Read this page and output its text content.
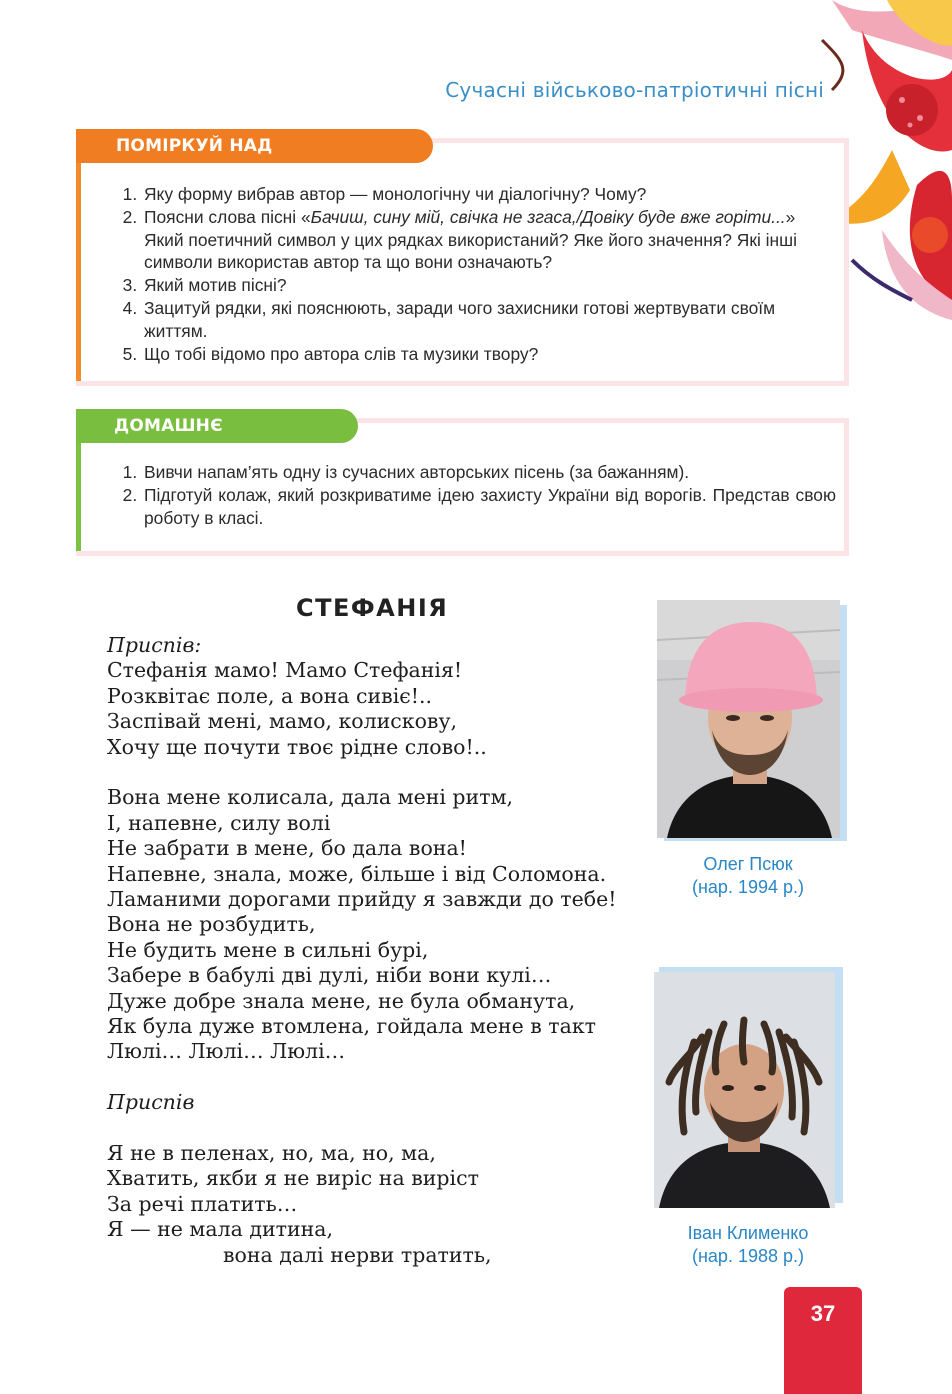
Сучасні військово-патріотичні пісні
ПОМІРКУЙ НАД ПРОЧИТАНИМ
1. Яку форму вибрав автор — монологічну чи діалогічну? Чому?
2. Поясни слова пісні «Бачиш, сину мій, свічка не згаса,/Довіку буде вже горіти...» Який поетичний символ у цих рядках використаний? Яке його значення? Які інші символи використав автор та що вони означають?
3. Який мотив пісні?
4. Зацитуй рядки, які пояснюють, заради чого захисники готові жертвувати своїм життям.
5. Що тобі відомо про автора слів та музики твору?
ДОМАШНЄ ЗАВДАННЯ
1. Вивчи напам’ять одну із сучасних авторських пісень (за бажанням).
2. Підготуй колаж, який розкриватиме ідею захисту України від ворогів. Представ свою роботу в класі.
СТЕФАНІЯ
Приспів:
Стефанія мамо! Мамо Стефанія!
Розквітає поле, а вона сивіє!..
Заспівай мені, мамо, колискову,
Хочу ще почути твоє рідне слово!..
Вона мене колисала, дала мені ритм,
І, напевне, силу волі
Не забрати в мене, бо дала вона!
Напевне, знала, може, більше і від Соломона.
Ламаними дорогами прийду я завжди до тебе!
Вона не розбудить,
Не будить мене в сильні бурі,
Забере в бабулі дві дулі, ніби вони кулі…
Дуже добре знала мене, не була обманута,
Як була дуже втомлена, гойдала мене в такт
Люлі… Люлі… Люлі…
Приспів
Я не в пеленах, но, ма, но, ма,
Хватить, якби я не виріс на виріст
За речі платить…
Я — не мала дитина,
вона далі нерви тратить,
Олег Псюк
(нар. 1994 р.)
Іван Клименко
(нар. 1988 р.)
37
